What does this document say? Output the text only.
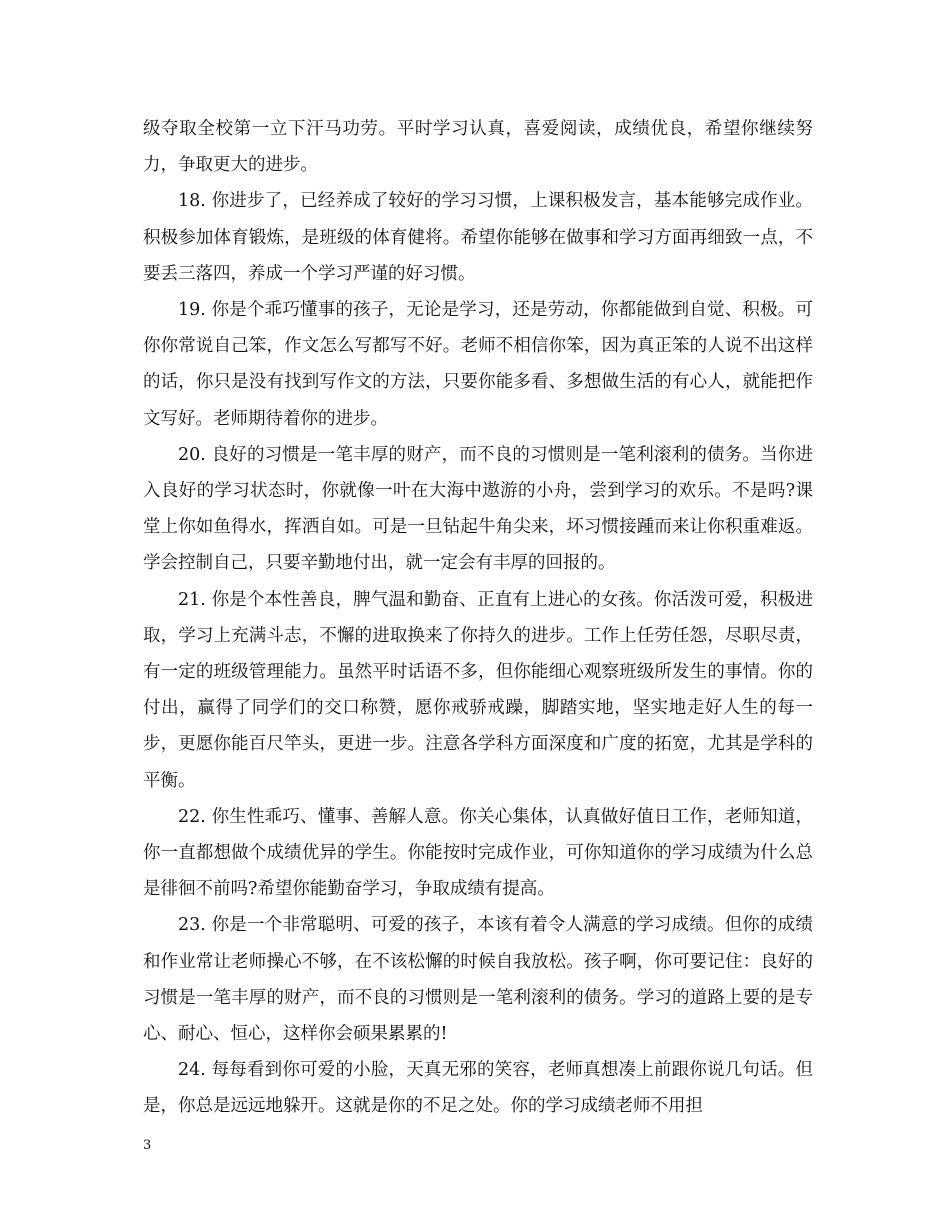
级夺取全校第一立下汗马功劳。平时学习认真，喜爱阅读，成绩优良，希望你继续努力，争取更大的进步。

18. 你进步了，已经养成了较好的学习习惯，上课积极发言，基本能够完成作业。积极参加体育锻炼，是班级的体育健将。希望你能够在做事和学习方面再细致一点，不要丢三落四，养成一个学习严谨的好习惯。

19. 你是个乖巧懂事的孩子，无论是学习，还是劳动，你都能做到自觉、积极。可你你常说自己笨，作文怎么写都写不好。老师不相信你笨，因为真正笨的人说不出这样的话，你只是没有找到写作文的方法，只要你能多看、多想做生活的有心人，就能把作文写好。老师期待着你的进步。

20. 良好的习惯是一笔丰厚的财产，而不良的习惯则是一笔利滚利的债务。当你进入良好的学习状态时，你就像一叶在大海中遨游的小舟，尝到学习的欢乐。不是吗?课堂上你如鱼得水，挥洒自如。可是一旦钻起牛角尖来，坏习惯接踵而来让你积重难返。学会控制自己，只要辛勤地付出，就一定会有丰厚的回报的。

21. 你是个本性善良，脾气温和勤奋、正直有上进心的女孩。你活泼可爱，积极进取，学习上充满斗志，不懈的进取换来了你持久的进步。工作上任劳任怨，尽职尽责，有一定的班级管理能力。虽然平时话语不多，但你能细心观察班级所发生的事情。你的付出，赢得了同学们的交口称赞，愿你戒骄戒躁，脚踏实地，坚实地走好人生的每一步，更愿你能百尺竿头，更进一步。注意各学科方面深度和广度的拓宽，尤其是学科的平衡。

22. 你生性乖巧、懂事、善解人意。你关心集体，认真做好值日工作，老师知道，你一直都想做个成绩优异的学生。你能按时完成作业，可你知道你的学习成绩为什么总是徘徊不前吗?希望你能勤奋学习，争取成绩有提高。

23. 你是一个非常聪明、可爱的孩子，本该有着令人满意的学习成绩。但你的成绩和作业常让老师操心不够，在不该松懈的时候自我放松。孩子啊，你可要记住：良好的习惯是一笔丰厚的财产，而不良的习惯则是一笔利滚利的债务。学习的道路上要的是专心、耐心、恒心，这样你会硕果累累的!

24. 每每看到你可爱的小脸，天真无邪的笑容，老师真想凑上前跟你说几句话。但是，你总是远远地躲开。这就是你的不足之处。你的学习成绩老师不用担

3
